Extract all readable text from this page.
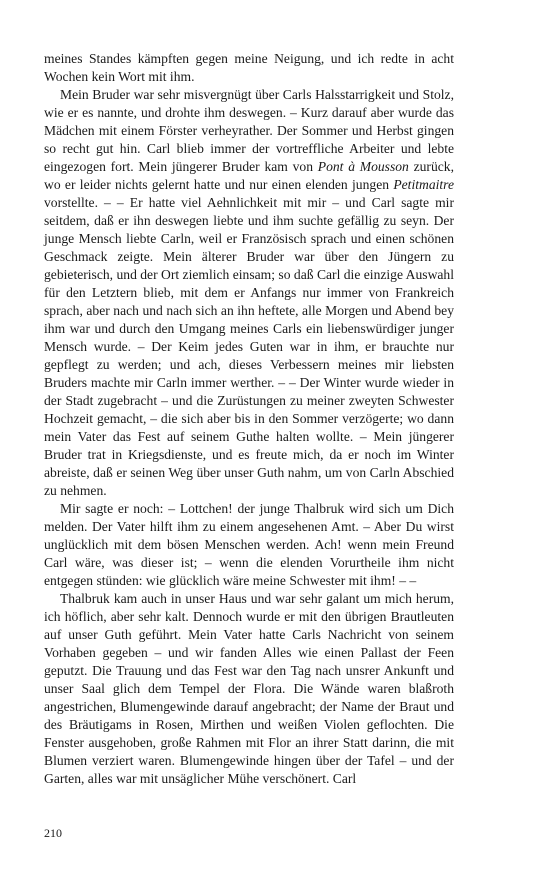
meines Standes kämpften gegen meine Neigung, und ich redte in acht Wochen kein Wort mit ihm.

Mein Bruder war sehr misvergnügt über Carls Halsstarrigkeit und Stolz, wie er es nannte, und drohte ihm deswegen. – Kurz darauf aber wurde das Mädchen mit einem Förster verheyrather. Der Sommer und Herbst gingen so recht gut hin. Carl blieb immer der vortreffliche Arbeiter und lebte eingezogen fort. Mein jüngerer Bruder kam von Pont à Mousson zurück, wo er leider nichts gelernt hatte und nur einen elenden jungen Petitmaitre vorstellte. – – Er hatte viel Aehnlichkeit mit mir – und Carl sagte mir seitdem, daß er ihn deswegen liebte und ihm suchte gefällig zu seyn. Der junge Mensch liebte Carln, weil er Französisch sprach und einen schönen Geschmack zeigte. Mein älterer Bruder war über den Jüngern zu gebieterisch, und der Ort ziemlich einsam; so daß Carl die einzige Auswahl für den Letztern blieb, mit dem er Anfangs nur immer von Frankreich sprach, aber nach und nach sich an ihn heftete, alle Morgen und Abend bey ihm war und durch den Umgang meines Carls ein liebenswürdiger junger Mensch wurde. – Der Keim jedes Guten war in ihm, er brauchte nur gepflegt zu werden; und ach, dieses Verbessern meines mir liebsten Bruders machte mir Carln immer werther. – – Der Winter wurde wieder in der Stadt zugebracht – und die Zurüstungen zu meiner zweyten Schwester Hochzeit gemacht, – die sich aber bis in den Sommer verzögerte; wo dann mein Vater das Fest auf seinem Guthe halten wollte. – Mein jüngerer Bruder trat in Kriegsdienste, und es freute mich, da er noch im Winter abreiste, daß er seinen Weg über unser Guth nahm, um von Carln Abschied zu nehmen.

Mir sagte er noch: – Lottchen! der junge Thalbruk wird sich um Dich melden. Der Vater hilft ihm zu einem angesehenen Amt. – Aber Du wirst unglücklich mit dem bösen Menschen werden. Ach! wenn mein Freund Carl wäre, was dieser ist; – wenn die elenden Vorurtheile ihm nicht entgegen stünden: wie glücklich wäre meine Schwester mit ihm! – –

Thalbruk kam auch in unser Haus und war sehr galant um mich herum, ich höflich, aber sehr kalt. Dennoch wurde er mit den übrigen Brautleuten auf unser Guth geführt. Mein Vater hatte Carls Nachricht von seinem Vorhaben gegeben – und wir fanden Alles wie einen Pallast der Feen geputzt. Die Trauung und das Fest war den Tag nach unsrer Ankunft und unser Saal glich dem Tempel der Flora. Die Wände waren blaßroth angestrichen, Blumengewinde darauf angebracht; der Name der Braut und des Bräutigams in Rosen, Mirthen und weißen Violen geflochten. Die Fenster ausgehoben, große Rahmen mit Flor an ihrer Statt darinn, die mit Blumen verziert waren. Blumengewinde hingen über der Tafel – und der Garten, alles war mit unsäglicher Mühe verschönert. Carl

210
